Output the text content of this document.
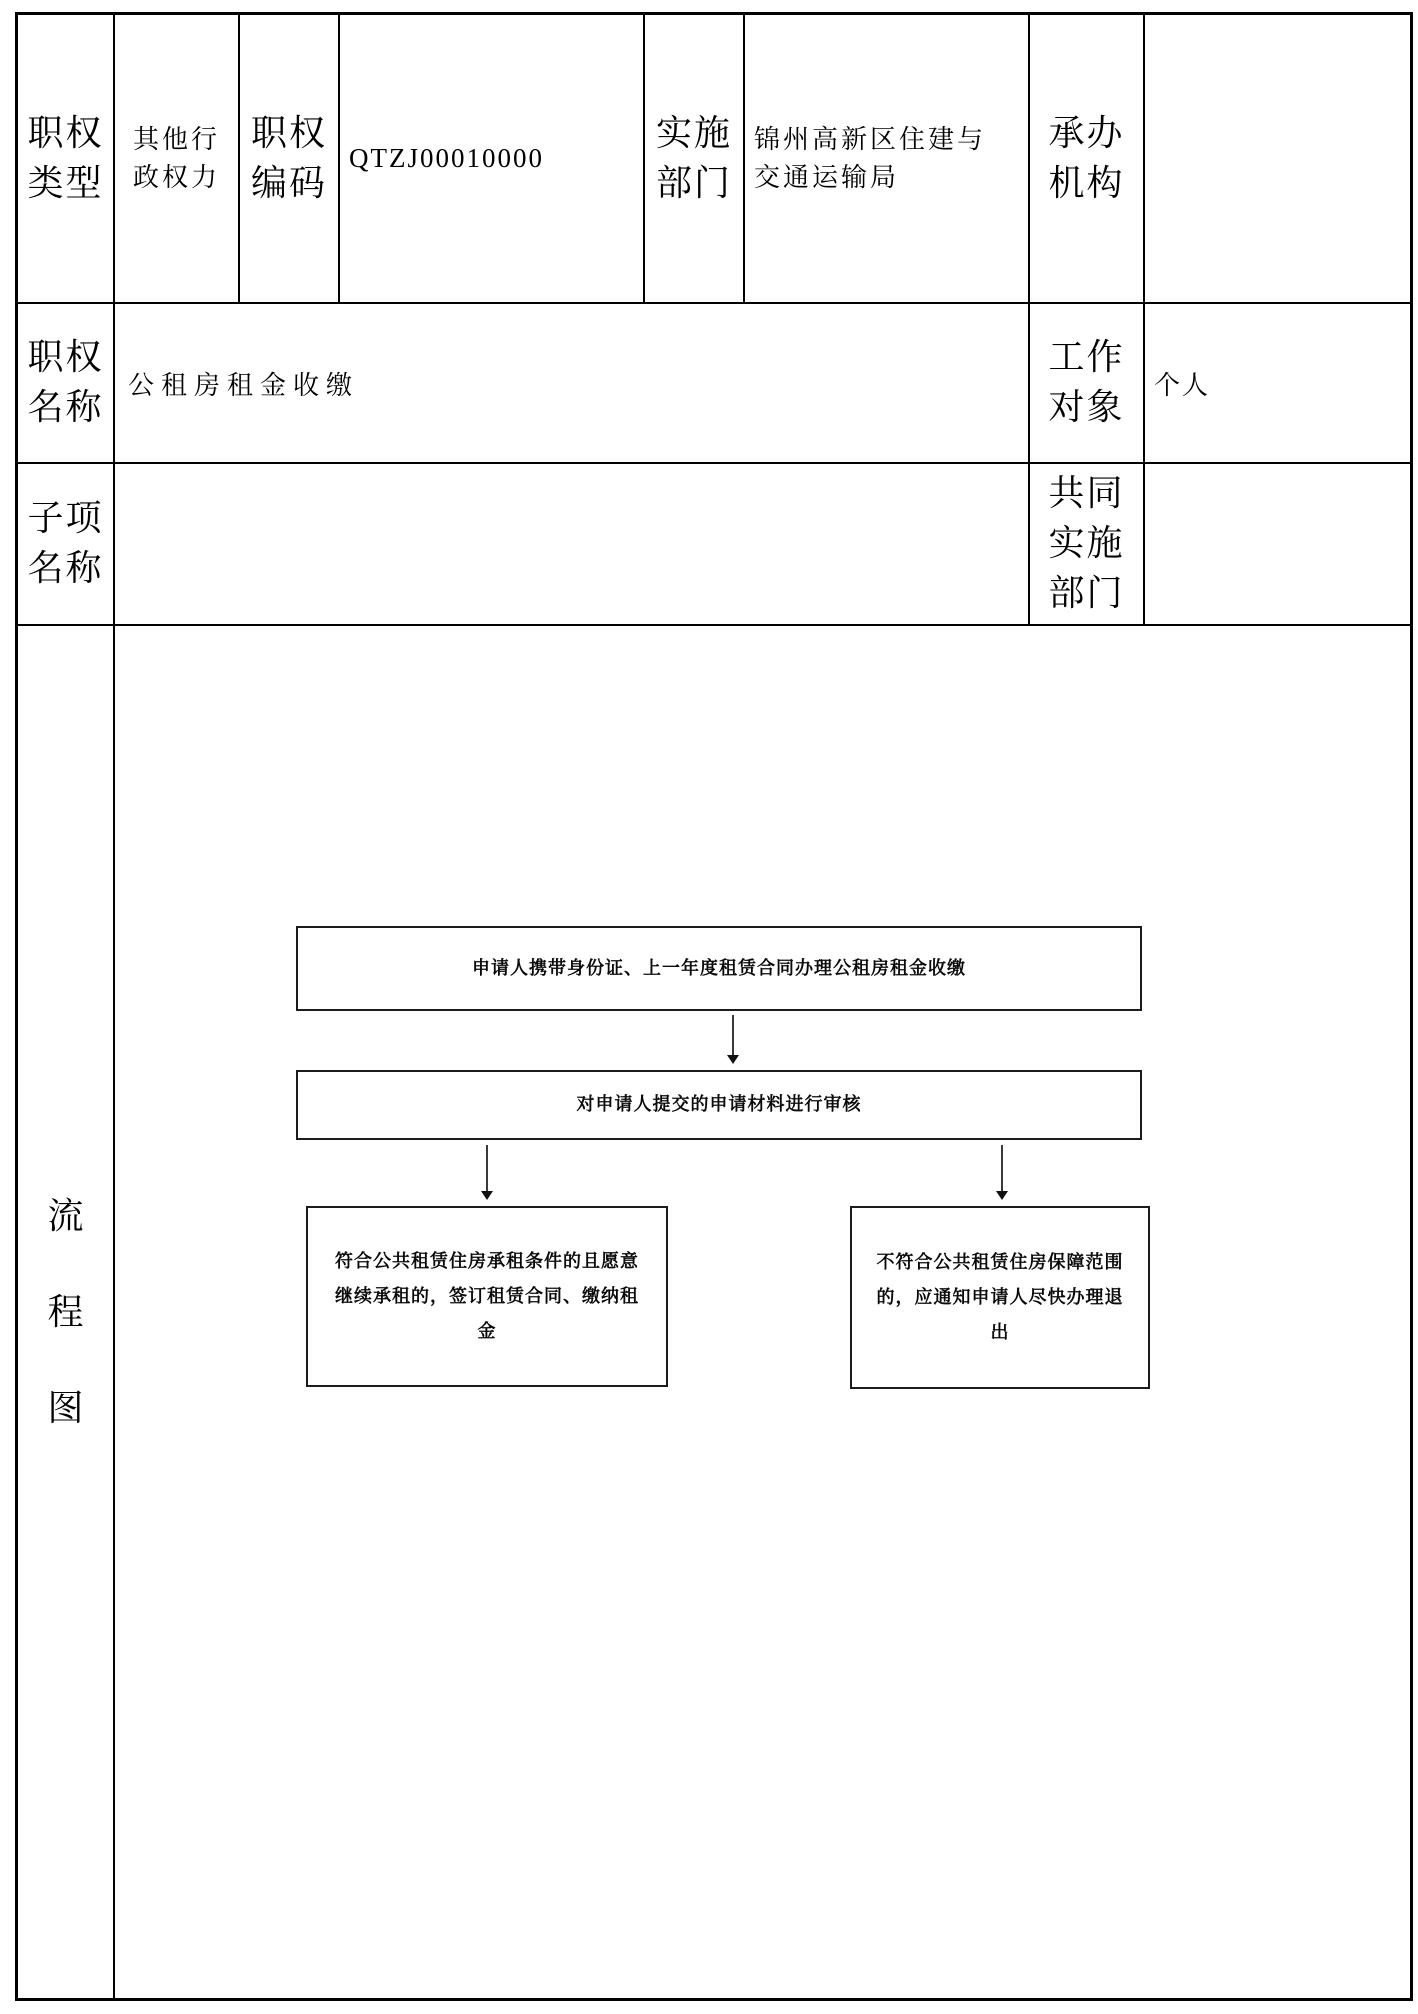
职权类型
其他行政权力
职权编码
QTZJ00010000
实施部门
锦州高新区住建与交通运输局
承办机构
职权名称
公租房租金收缴
工作对象
个人
子项名称
共同实施部门
流程图
申请人携带身份证、上一年度租赁合同办理公租房租金收缴
对申请人提交的申请材料进行审核
符合公共租赁住房承租条件的且愿意继续承租的，签订租赁合同、缴纳租金
不符合公共租赁住房保障范围的，应通知申请人尽快办理退出
